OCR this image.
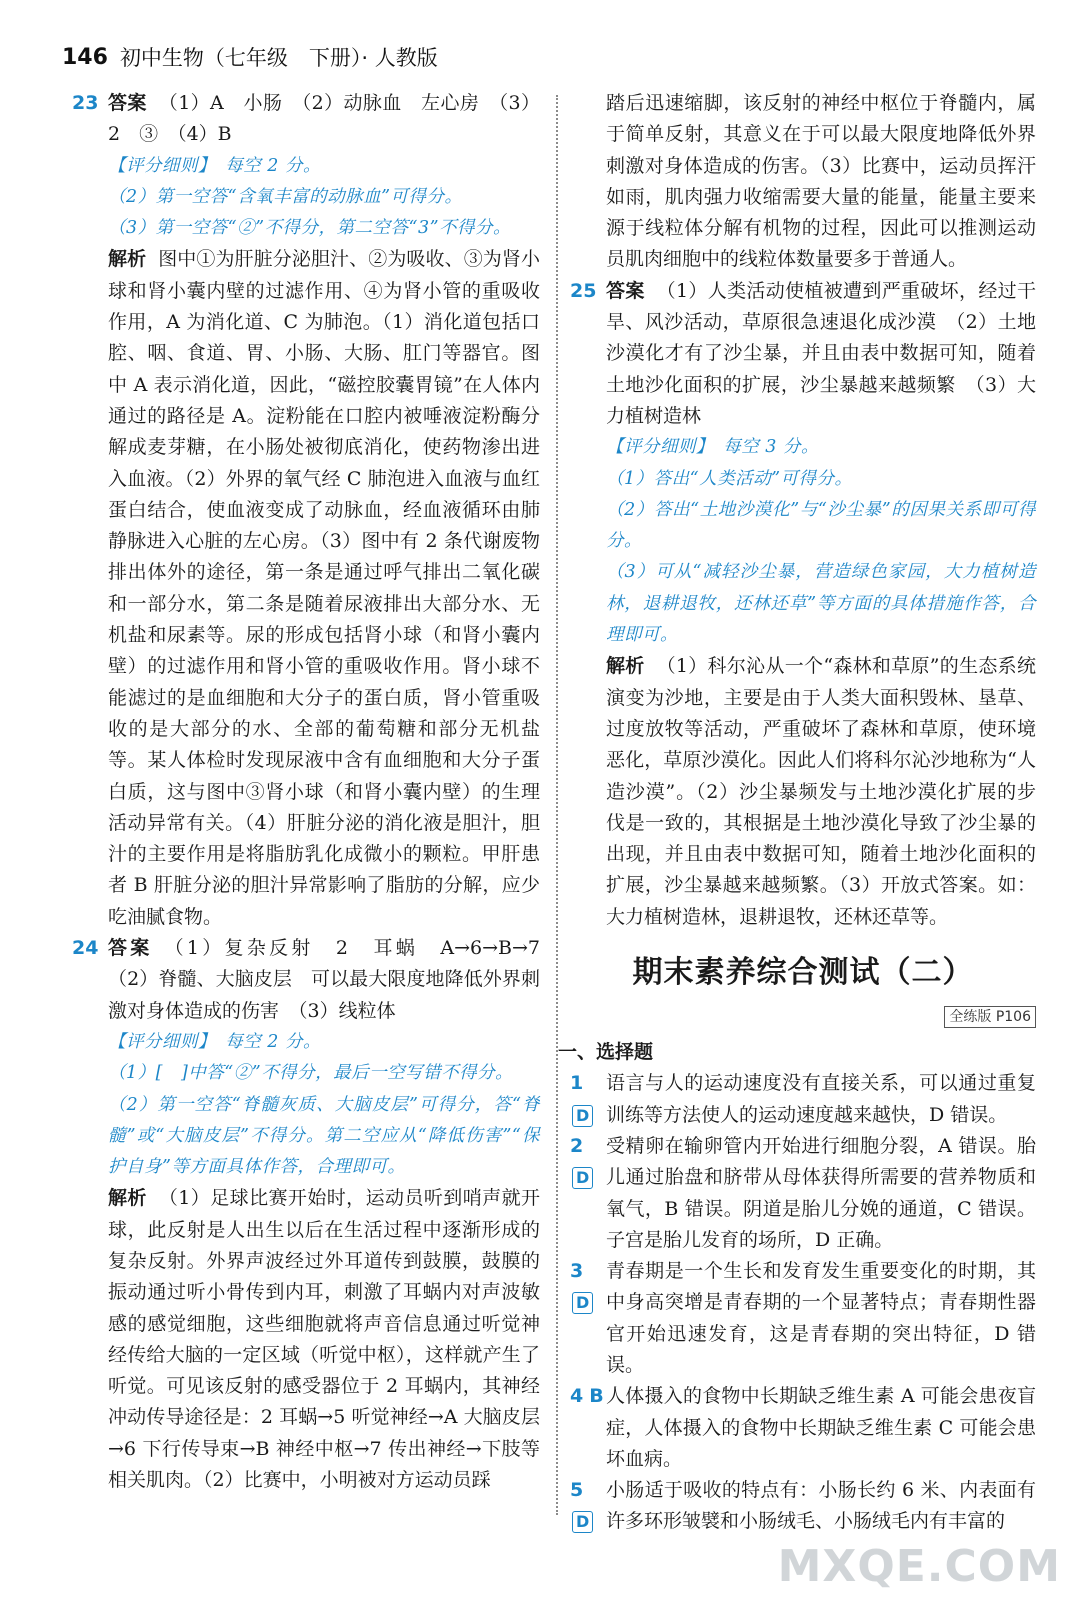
146 初中生物（七年级　下册）· 人教版
23 答案 （1）A　小肠　（2）动脉血　左心房　（3）2　③　（4）B

【评分细则】　每空 2 分。

（2）第一空答“含氧丰富的动脉血”可得分。

（3）第一空答“②”不得分，第二空答“3”不得分。

解析 图中①为肝脏分泌胆汁、②为吸收、③为肾小球和肾小囊内壁的过滤作用、④为肾小管的重吸收作用，A 为消化道、C 为肺泡。（1）消化道包括口腔、咽、食道、胃、小肠、大肠、肛门等器官。图中 A 表示消化道，因此，“磁控胶囊胃镜”在人体内通过的路径是 A。淀粉能在口腔内被唾液淀粉酶分解成麦芽糖，在小肠处被彻底消化，使药物渗出进入血液。（2）外界的氧气经 C 肺泡进入血液与血红蛋白结合，使血液变成了动脉血，经血液循环由肺静脉进入心脏的左心房。（3）图中有 2 条代谢废物排出体外的途径，第一条是通过呼气排出二氧化碳和一部分水，第二条是随着尿液排出大部分水、无机盐和尿素等。尿的形成包括肾小球（和肾小囊内壁）的过滤作用和肾小管的重吸收作用。肾小球不能滤过的是血细胞和大分子的蛋白质，肾小管重吸收的是大部分的水、全部的葡萄糖和部分无机盐等。某人体检时发现尿液中含有血细胞和大分子蛋白质，这与图中③肾小球（和肾小囊内壁）的生理活动异常有关。（4）肝脏分泌的消化液是胆汁，胆汁的主要作用是将脂肪乳化成微小的颗粒。甲肝患者 B 肝脏分泌的胆汁异常影响了脂肪的分解，应少吃油腻食物。

24 答案 （1）复杂反射　2　耳蜗　A→6→B→7　（2）脊髓、大脑皮层　可以最大限度地降低外界刺激对身体造成的伤害　（3）线粒体

【评分细则】　每空 2 分。

（1）[　]中答“②”不得分，最后一空写错不得分。

（2）第一空答“脊髓灰质、大脑皮层”可得分，答“脊髓”或“大脑皮层”不得分。第二空应从“降低伤害”“保护自身”等方面具体作答，合理即可。

解析 （1）足球比赛开始时，运动员听到哨声就开球，此反射是人出生以后在生活过程中逐渐形成的复杂反射。外界声波经过外耳道传到鼓膜，鼓膜的振动通过听小骨传到内耳，刺激了耳蜗内对声波敏感的感觉细胞，这些细胞就将声音信息通过听觉神经传给大脑的一定区域（听觉中枢），这样就产生了听觉。可见该反射的感受器位于 2 耳蜗内，其神经冲动传导途径是：2 耳蜗→5 听觉神经→A 大脑皮层→6 下行传导束→B 神经中枢→7 传出神经→下肢等相关肌肉。（2）比赛中，小明被对方运动员踩

踏后迅速缩脚，该反射的神经中枢位于脊髓内，属于简单反射，其意义在于可以最大限度地降低外界刺激对身体造成的伤害。（3）比赛中，运动员挥汗如雨，肌肉强力收缩需要大量的能量，能量主要来源于线粒体分解有机物的过程，因此可以推测运动员肌肉细胞中的线粒体数量要多于普通人。

25 答案 （1）人类活动使植被遭到严重破坏，经过干旱、风沙活动，草原很急速退化成沙漠　（2）土地沙漠化才有了沙尘暴，并且由表中数据可知，随着土地沙化面积的扩展，沙尘暴越来越频繁　（3）大力植树造林

【评分细则】　每空 3 分。

（1）答出“人类活动”可得分。

（2）答出“土地沙漠化”与“沙尘暴”的因果关系即可得分。

（3）可从“减轻沙尘暴，营造绿色家园，大力植树造林，退耕退牧，还林还草”等方面的具体措施作答，合理即可。

解析 （1）科尔沁从一个“森林和草原”的生态系统演变为沙地，主要是由于人类大面积毁林、垦草、过度放牧等活动，严重破坏了森林和草原，使环境恶化，草原沙漠化。因此人们将科尔沁沙地称为“人造沙漠”。（2）沙尘暴频发与土地沙漠化扩展的步伐是一致的，其根据是土地沙漠化导致了沙尘暴的出现，并且由表中数据可知，随着土地沙化面积的扩展，沙尘暴越来越频繁。（3）开放式答案。如：大力植树造林，退耕退牧，还林还草等。

期末素养综合测试（二）
全练版 P106
一、选择题
1D

语言与人的运动速度没有直接关系，可以通过重复训练等方法使人的运动速度越来越快，D 错误。

2D

受精卵在输卵管内开始进行细胞分裂，A 错误。胎儿通过胎盘和脐带从母体获得所需要的营养物质和氧气，B 错误。阴道是胎儿分娩的通道，C 错误。子宫是胎儿发育的场所，D 正确。

3D

青春期是一个生长和发育发生重要变化的时期，其中身高突增是青春期的一个显著特点；青春期性器官开始迅速发育，这是青春期的突出特征，D 错误。

4 B 人体摄入的食物中长期缺乏维生素 A 可能会患夜盲症，人体摄入的食物中长期缺乏维生素 C 可能会患坏血病。

5D

小肠适于吸收的特点有：小肠长约 6 米、内表面有许多环形皱襞和小肠绒毛、小肠绒毛内有丰富的

MXQE.COM
